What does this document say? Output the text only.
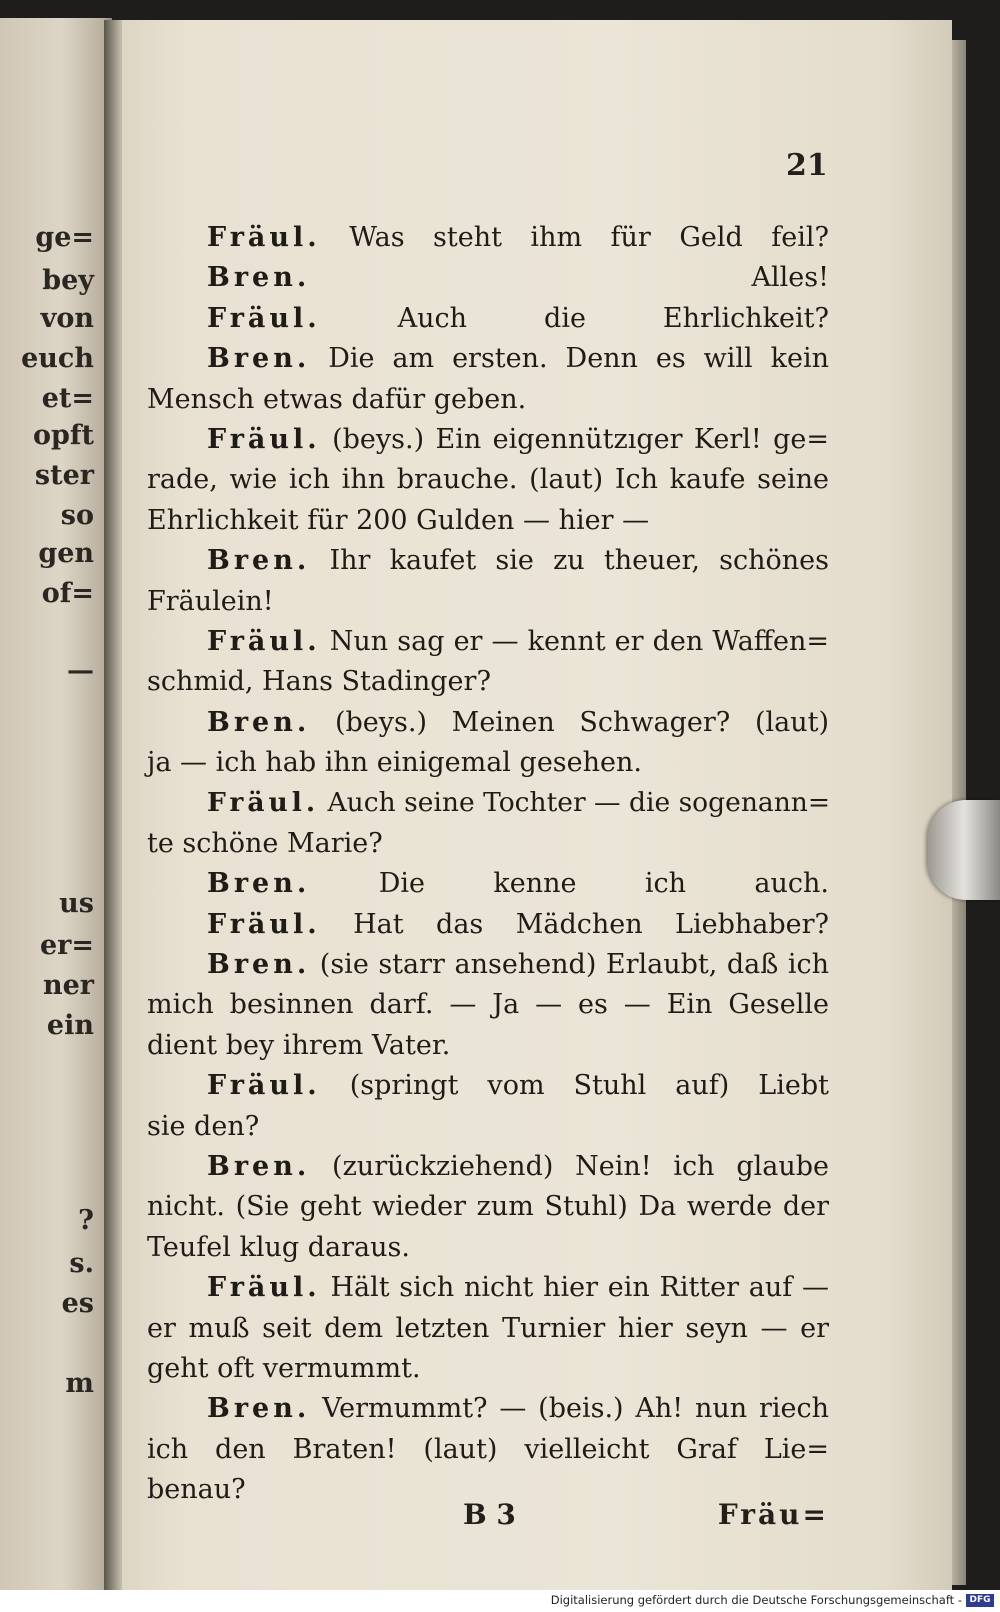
ge=
bey
von
euch
et=
opft
ster
so
gen
of=
—
us
er=
ner
ein
?
s.
es
m
21
Fräul. Was steht ihm für Geld feil?
Bren.	Alles!
Fräul.	Auch die Ehrlichkeit?
Bren. Die am ersten. Denn es will kein
Mensch etwas dafür geben.
Fräul. (beys.) Ein eigennützıger Kerl! ge=
rade, wie ich ihn brauche. (laut) Ich kaufe seine
Ehrlichkeit für 200 Gulden — hier —
Bren. Ihr kaufet sie zu theuer, schönes
Fräulein!
Fräul. Nun sag er — kennt er den Waffen=
schmid, Hans Stadinger?
Bren. (beys.) Meinen Schwager? (laut)
ja — ich hab ihn einigemal gesehen.
Fräul. Auch seine Tochter — die sogenann=
te schöne Marie?
Bren.	Die kenne ich auch.
Fräul. Hat das Mädchen Liebhaber?
Bren. (sie starr ansehend) Erlaubt, daß ich
mich besinnen darf. — Ja — es — Ein Geselle
dient bey ihrem Vater.
Fräul. (springt vom Stuhl auf) Liebt
sie den?
Bren. (zurückziehend) Nein! ich glaube
nicht. (Sie geht wieder zum Stuhl) Da werde der
Teufel klug daraus.
Fräul. Hält sich nicht hier ein Ritter auf —
er muß seit dem letzten Turnier hier seyn — er
geht oft vermummt.
Bren. Vermummt? — (beis.) Ah! nun riech
ich den Braten! (laut) vielleicht Graf Lie=
benau?
B 3	Fräu=
Digitalisierung gefördert durch die Deutsche Forschungsgemeinschaft - DFG
